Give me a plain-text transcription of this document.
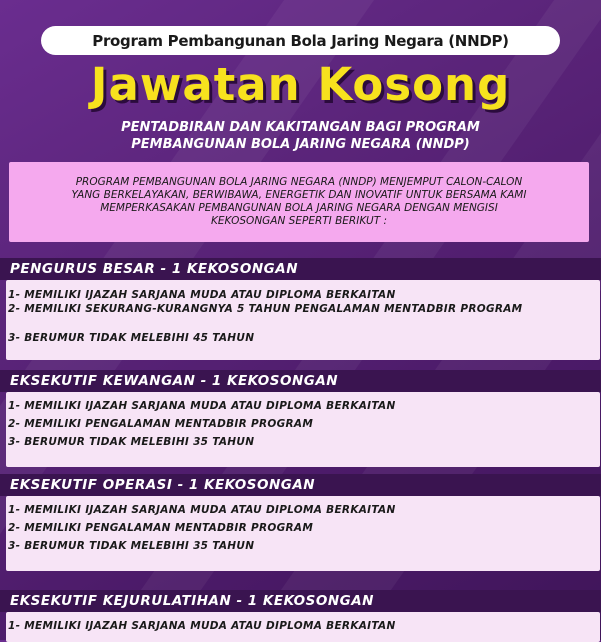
Program Pembangunan Bola Jaring Negara (NNDP)
Jawatan Kosong
PENTADBIRAN DAN KAKITANGAN BAGI PROGRAM
PEMBANGUNAN BOLA JARING NEGARA (NNDP)
PROGRAM PEMBANGUNAN BOLA JARING NEGARA (NNDP) MENJEMPUT CALON-CALON
YANG BERKELAYAKAN, BERWIBAWA, ENERGETIK DAN INOVATIF UNTUK BERSAMA KAMI
MEMPERKASAKAN PEMBANGUNAN BOLA JARING NEGARA DENGAN MENGISI
KEKOSONGAN SEPERTI BERIKUT :
PENGURUS BESAR - 1 KEKOSONGAN
1- MEMILIKI IJAZAH SARJANA MUDA ATAU DIPLOMA BERKAITAN
2- MEMILIKI SEKURANG-KURANGNYA 5 TAHUN PENGALAMAN MENTADBIR PROGRAM
3- BERUMUR TIDAK MELEBIHI 45 TAHUN
EKSEKUTIF KEWANGAN - 1 KEKOSONGAN
1- MEMILIKI IJAZAH SARJANA MUDA ATAU DIPLOMA BERKAITAN
2- MEMILIKI PENGALAMAN MENTADBIR PROGRAM
3- BERUMUR TIDAK MELEBIHI 35 TAHUN
EKSEKUTIF OPERASI - 1 KEKOSONGAN
1- MEMILIKI IJAZAH SARJANA MUDA ATAU DIPLOMA BERKAITAN
2- MEMILIKI PENGALAMAN MENTADBIR PROGRAM
3- BERUMUR TIDAK MELEBIHI 35 TAHUN
EKSEKUTIF KEJURULATIHAN - 1 KEKOSONGAN
1- MEMILIKI IJAZAH SARJANA MUDA ATAU DIPLOMA BERKAITAN
